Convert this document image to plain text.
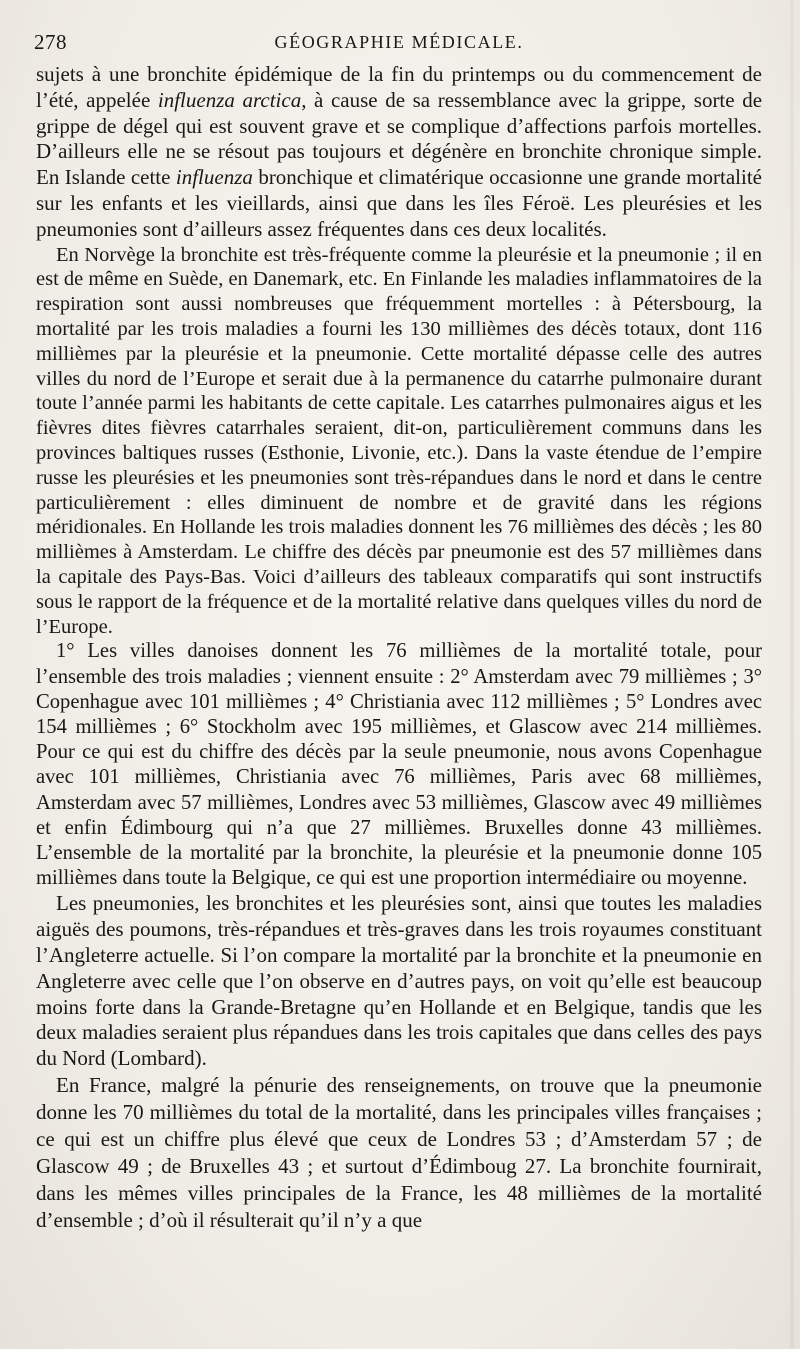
278	GÉOGRAPHIE MÉDICALE.

sujets à une bronchite épidémique de la fin du printemps ou du commencement de l’été, appelée influenza arctica, à cause de sa ressemblance avec la grippe, sorte de grippe de dégel qui est souvent grave et se complique d’affections parfois mortelles. D’ailleurs elle ne se résout pas toujours et dégénère en bronchite chronique simple. En Islande cette influenza bronchique et climatérique occasionne une grande mortalité sur les enfants et les vieillards, ainsi que dans les îles Féroë. Les pleurésies et les pneumonies sont d’ailleurs assez fréquentes dans ces deux localités.

En Norvège la bronchite est très-fréquente comme la pleurésie et la pneumonie ; il en est de même en Suède, en Danemark, etc. En Finlande les maladies inflammatoires de la respiration sont aussi nombreuses que fréquemment mortelles : à Pétersbourg, la mortalité par les trois maladies a fourni les 130 millièmes des décès totaux, dont 116 millièmes par la pleurésie et la pneumonie. Cette mortalité dépasse celle des autres villes du nord de l’Europe et serait due à la permanence du catarrhe pulmonaire durant toute l’année parmi les habitants de cette capitale. Les catarrhes pulmonaires aigus et les fièvres dites fièvres catarrhales seraient, dit-on, particulièrement communs dans les provinces baltiques russes (Esthonie, Livonie, etc.). Dans la vaste étendue de l’empire russe les pleurésies et les pneumonies sont très-répandues dans le nord et dans le centre particulièrement : elles diminuent de nombre et de gravité dans les régions méridionales. En Hollande les trois maladies donnent les 76 millièmes des décès ; les 80 millièmes à Amsterdam. Le chiffre des décès par pneumonie est des 57 millièmes dans la capitale des Pays-Bas. Voici d’ailleurs des tableaux comparatifs qui sont instructifs sous le rapport de la fréquence et de la mortalité relative dans quelques villes du nord de l’Europe.

1° Les villes danoises donnent les 76 millièmes de la mortalité totale, pour l’ensemble des trois maladies ; viennent ensuite : 2° Amsterdam avec 79 millièmes ; 3° Copenhague avec 101 millièmes ; 4° Christiania avec 112 millièmes ; 5° Londres avec 154 millièmes ; 6° Stockholm avec 195 millièmes, et Glascow avec 214 millièmes. Pour ce qui est du chiffre des décès par la seule pneumonie, nous avons Copenhague avec 101 millièmes, Christiania avec 76 millièmes, Paris avec 68 millièmes, Amsterdam avec 57 millièmes, Londres avec 53 millièmes, Glascow avec 49 millièmes et enfin Édimbourg qui n’a que 27 millièmes. Bruxelles donne 43 millièmes. L’ensemble de la mortalité par la bronchite, la pleurésie et la pneumonie donne 105 millièmes dans toute la Belgique, ce qui est une proportion intermédiaire ou moyenne.

Les pneumonies, les bronchites et les pleurésies sont, ainsi que toutes les maladies aiguës des poumons, très-répandues et très-graves dans les trois royaumes constituant l’Angleterre actuelle. Si l’on compare la mortalité par la bronchite et la pneumonie en Angleterre avec celle que l’on observe en d’autres pays, on voit qu’elle est beaucoup moins forte dans la Grande-Bretagne qu’en Hollande et en Belgique, tandis que les deux maladies seraient plus répandues dans les trois capitales que dans celles des pays du Nord (Lombard).

En France, malgré la pénurie des renseignements, on trouve que la pneumonie donne les 70 millièmes du total de la mortalité, dans les principales villes françaises ; ce qui est un chiffre plus élevé que ceux de Londres 53 ; d’Amsterdam 57 ; de Glascow 49 ; de Bruxelles 43 ; et surtout d’Édimboug 27. La bronchite fournirait, dans les mêmes villes principales de la France, les 48 millièmes de la mortalité d’ensemble ; d’où il résulterait qu’il n’y a que
